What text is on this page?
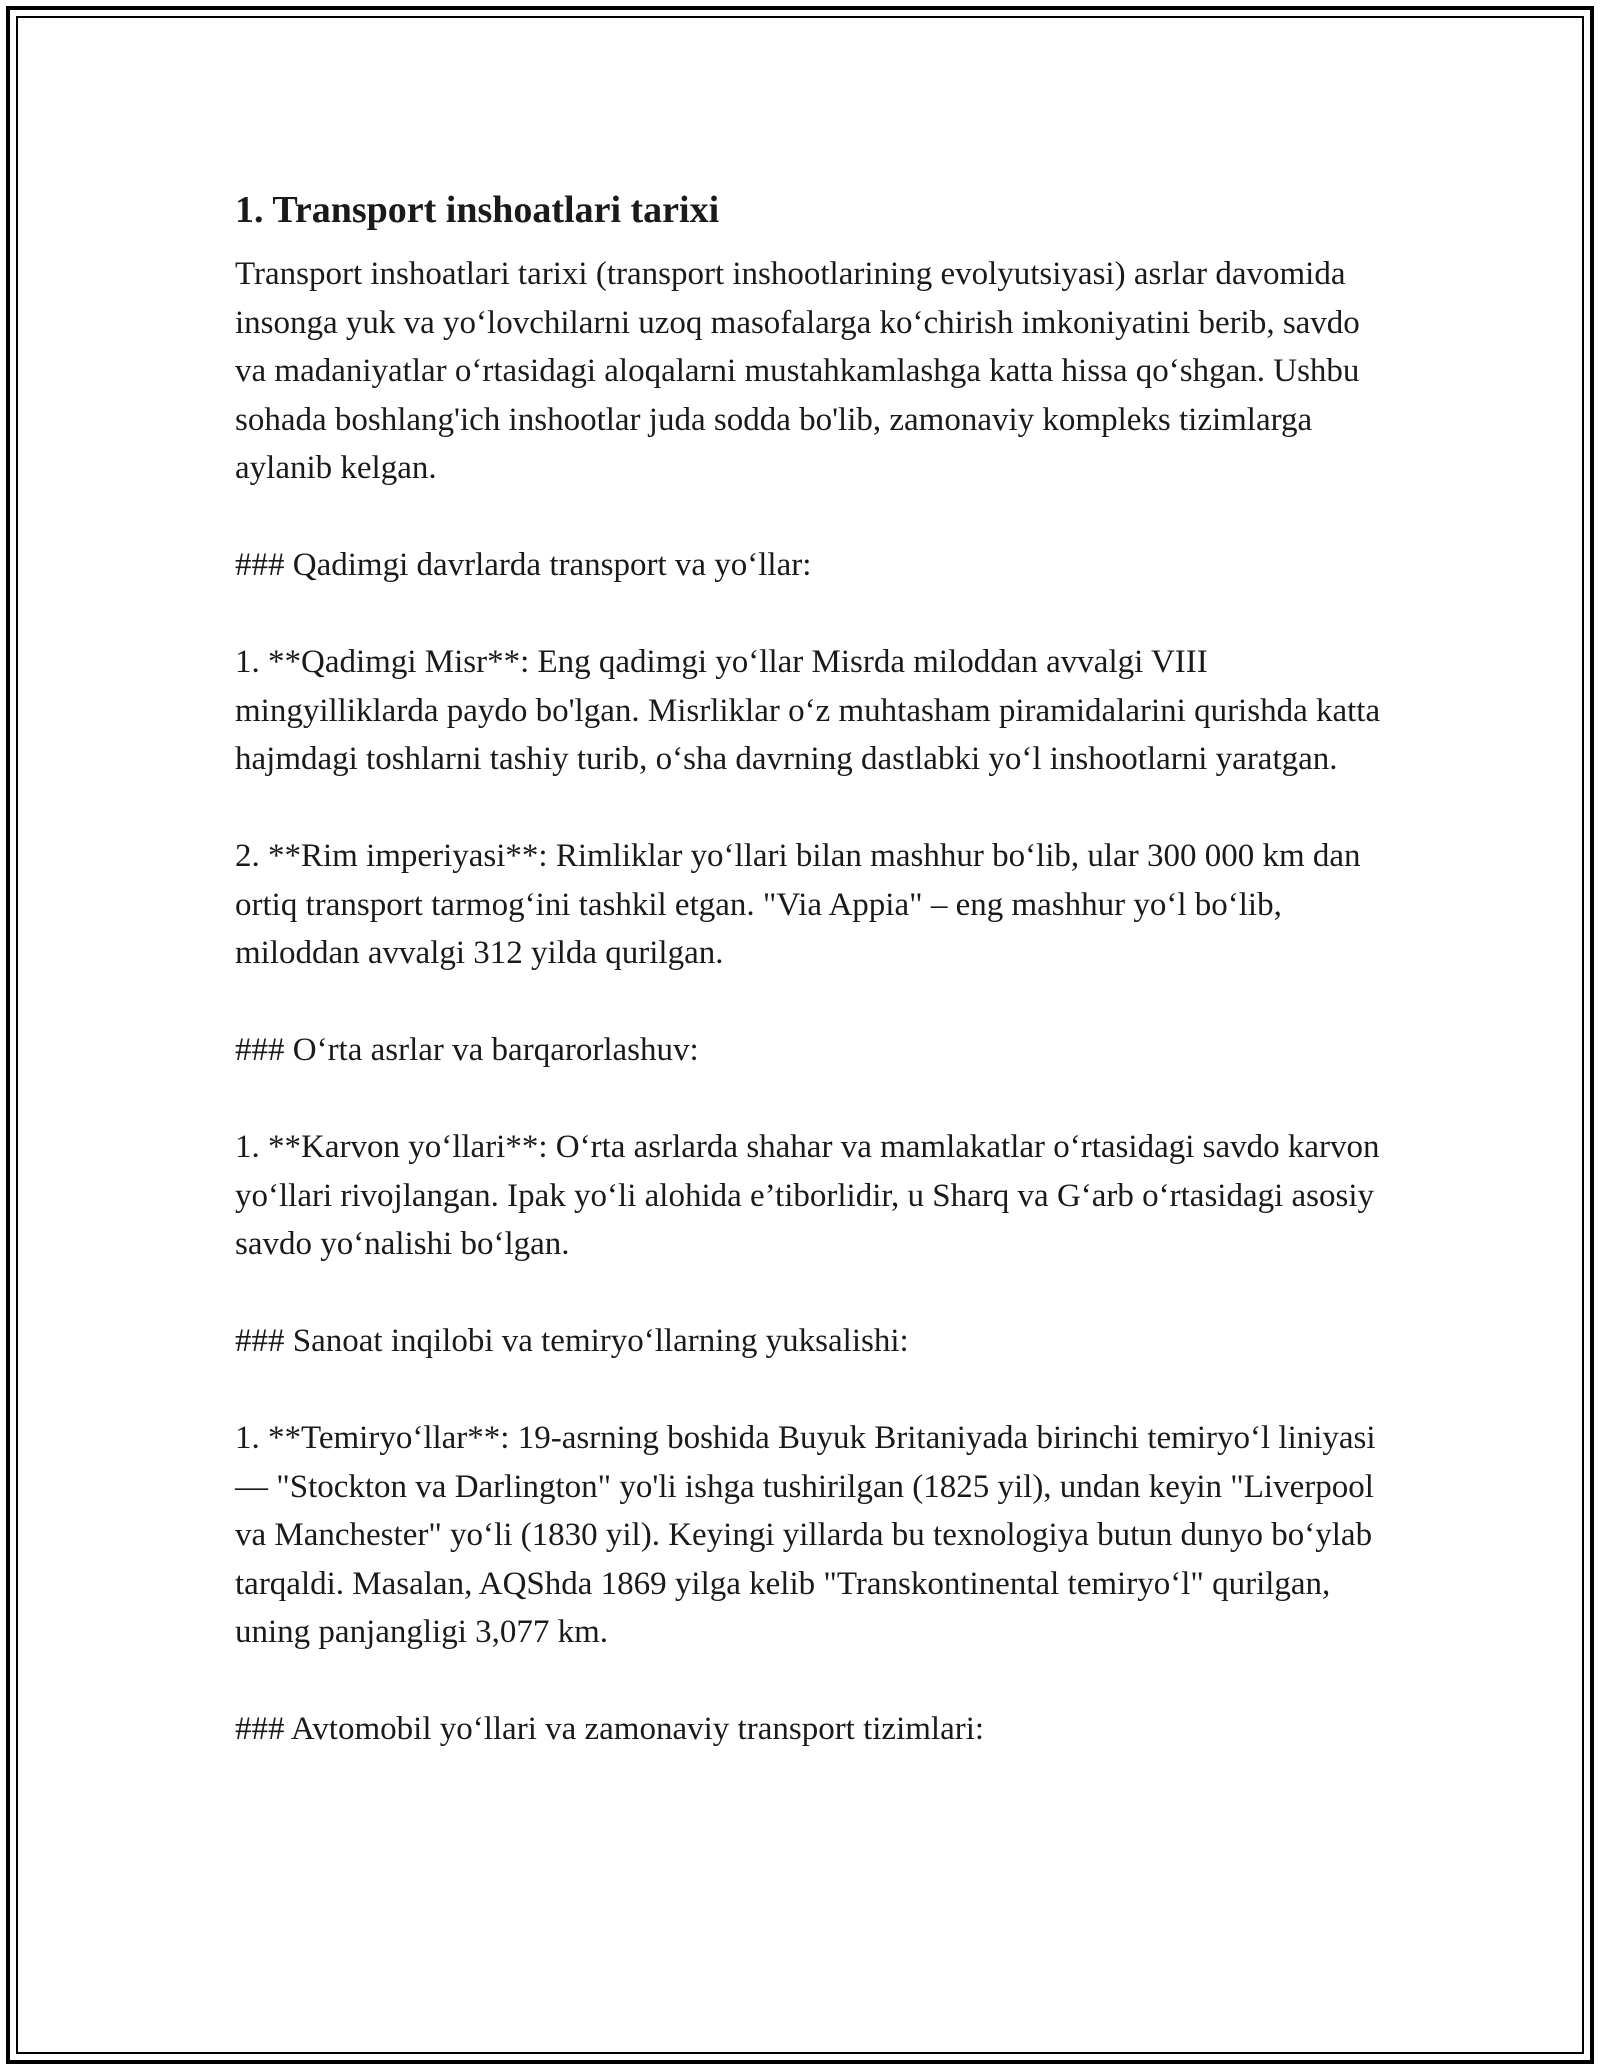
1. Transport inshoatlari tarixi

Transport inshoatlari tarixi (transport inshootlarining evolyutsiyasi) asrlar davomida insonga yuk va yo‘lovchilarni uzoq masofalarga ko‘chirish imkoniyatini berib, savdo va madaniyatlar o‘rtasidagi aloqalarni mustahkamlashga katta hissa qo‘shgan. Ushbu sohada boshlang'ich inshootlar juda sodda bo'lib, zamonaviy kompleks tizimlarga aylanib kelgan.

### Qadimgi davrlarda transport va yo‘llar:

1. **Qadimgi Misr**: Eng qadimgi yo‘llar Misrda miloddan avvalgi VIII mingyilliklarda paydo bo'lgan. Misrliklar o‘z muhtasham piramidalarini qurishda katta hajmdagi toshlarni tashiy turib, o‘sha davrning dastlabki yo‘l inshootlarni yaratgan.

2. **Rim imperiyasi**: Rimliklar yo‘llari bilan mashhur bo‘lib, ular 300 000 km dan ortiq transport tarmog‘ini tashkil etgan. "Via Appia" – eng mashhur yo‘l bo‘lib, miloddan avvalgi 312 yilda qurilgan.

### O‘rta asrlar va barqarorlashuv:

1. **Karvon yo‘llari**: O‘rta asrlarda shahar va mamlakatlar o‘rtasidagi savdo karvon yo‘llari rivojlangan. Ipak yo‘li alohida e’tiborlidir, u Sharq va G‘arb o‘rtasidagi asosiy savdo yo‘nalishi bo‘lgan.

### Sanoat inqilobi va temiryo‘llarning yuksalishi:

1. **Temiryo‘llar**: 19-asrning boshida Buyuk Britaniyada birinchi temiryo‘l liniyasi — "Stockton va Darlington" yo'li ishga tushirilgan (1825 yil), undan keyin "Liverpool va Manchester" yo‘li (1830 yil). Keyingi yillarda bu texnologiya butun dunyo bo‘ylab tarqaldi. Masalan, AQShda 1869 yilga kelib "Transkontinental temiryo‘l" qurilgan, uning panjangligi 3,077 km.

### Avtomobil yo‘llari va zamonaviy transport tizimlari:
